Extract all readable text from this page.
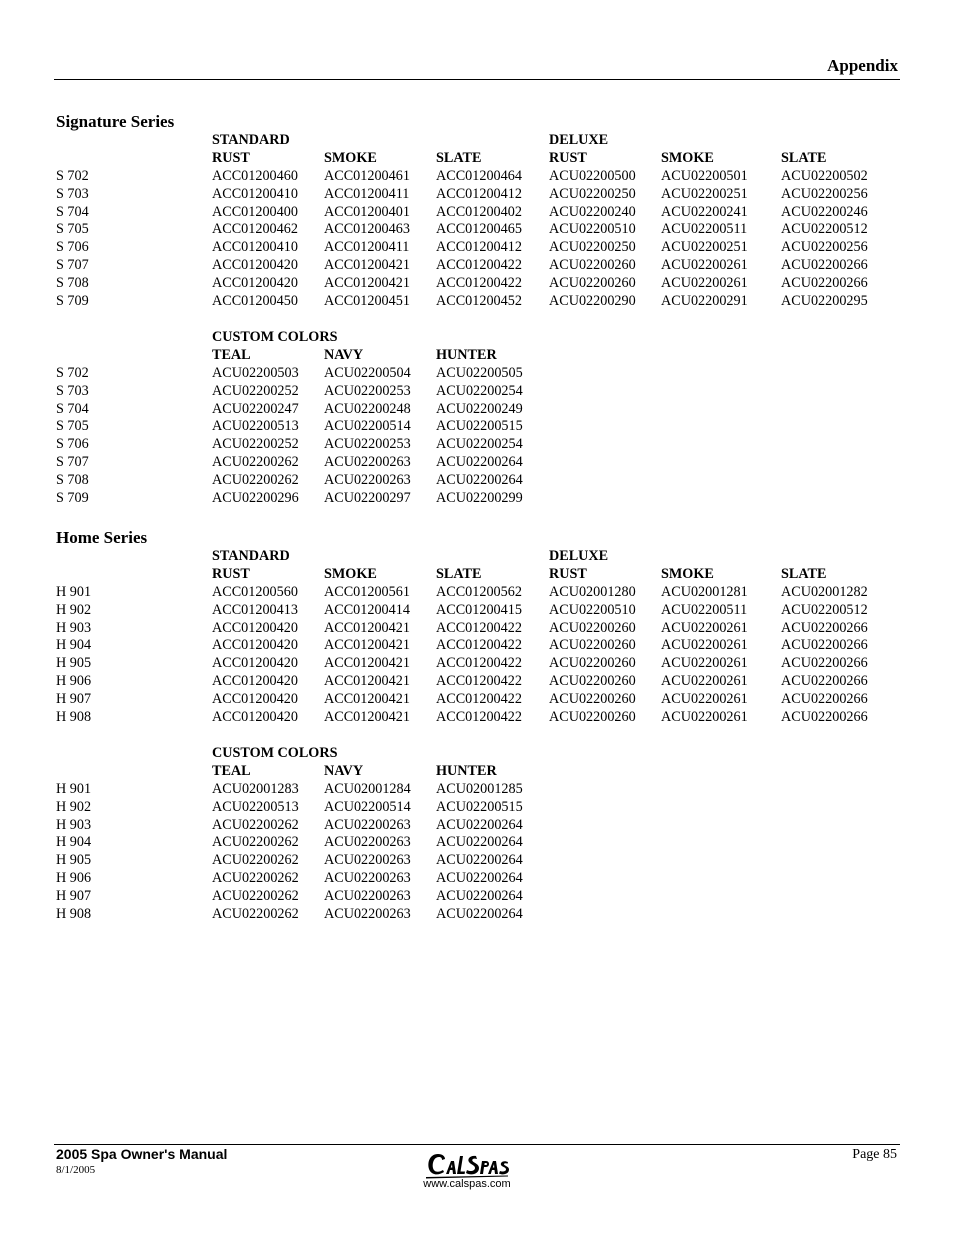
Appendix
Signature Series
STANDARD	DELUXE
RUST	SMOKE	SLATE	RUST	SMOKE	SLATE
S 702	ACC01200460 ACC01200461 ACC01200464 ACU02200500 ACU02200501 ACU02200502
S 703	ACC01200410 ACC01200411 ACC01200412 ACU02200250 ACU02200251 ACU02200256
S 704	ACC01200400 ACC01200401 ACC01200402 ACU02200240 ACU02200241 ACU02200246
S 705	ACC01200462 ACC01200463 ACC01200465 ACU02200510 ACU02200511 ACU02200512
S 706	ACC01200410 ACC01200411 ACC01200412 ACU02200250 ACU02200251 ACU02200256
S 707	ACC01200420 ACC01200421 ACC01200422 ACU02200260 ACU02200261 ACU02200266
S 708	ACC01200420 ACC01200421 ACC01200422 ACU02200260 ACU02200261 ACU02200266
S 709	ACC01200450 ACC01200451 ACC01200452 ACU02200290 ACU02200291 ACU02200295
CUSTOM COLORS
TEAL	NAVY	HUNTER
S 702	ACU02200503 ACU02200504 ACU02200505
S 703	ACU02200252 ACU02200253 ACU02200254
S 704	ACU02200247 ACU02200248 ACU02200249
S 705	ACU02200513 ACU02200514 ACU02200515
S 706	ACU02200252 ACU02200253 ACU02200254
S 707	ACU02200262 ACU02200263 ACU02200264
S 708	ACU02200262 ACU02200263 ACU02200264
S 709	ACU02200296 ACU02200297 ACU02200299
Home Series
STANDARD	DELUXE
RUST	SMOKE	SLATE	RUST	SMOKE	SLATE
H 901	ACC01200560 ACC01200561 ACC01200562 ACU02001280 ACU02001281 ACU02001282
H 902	ACC01200413 ACC01200414 ACC01200415 ACU02200510 ACU02200511 ACU02200512
H 903	ACC01200420 ACC01200421 ACC01200422 ACU02200260 ACU02200261 ACU02200266
H 904	ACC01200420 ACC01200421 ACC01200422 ACU02200260 ACU02200261 ACU02200266
H 905	ACC01200420 ACC01200421 ACC01200422 ACU02200260 ACU02200261 ACU02200266
H 906	ACC01200420 ACC01200421 ACC01200422 ACU02200260 ACU02200261 ACU02200266
H 907	ACC01200420 ACC01200421 ACC01200422 ACU02200260 ACU02200261 ACU02200266
H 908	ACC01200420 ACC01200421 ACC01200422 ACU02200260 ACU02200261 ACU02200266
CUSTOM COLORS
TEAL	NAVY	HUNTER
H 901	ACU02001283 ACU02001284 ACU02001285
H 902	ACU02200513 ACU02200514 ACU02200515
H 903	ACU02200262 ACU02200263 ACU02200264
H 904	ACU02200262 ACU02200263 ACU02200264
H 905	ACU02200262 ACU02200263 ACU02200264
H 906	ACU02200262 ACU02200263 ACU02200264
H 907	ACU02200262 ACU02200263 ACU02200264
H 908	ACU02200262 ACU02200263 ACU02200264
2005 Spa Owner's Manual
8/1/2005
Page 85
www.calspas.com
